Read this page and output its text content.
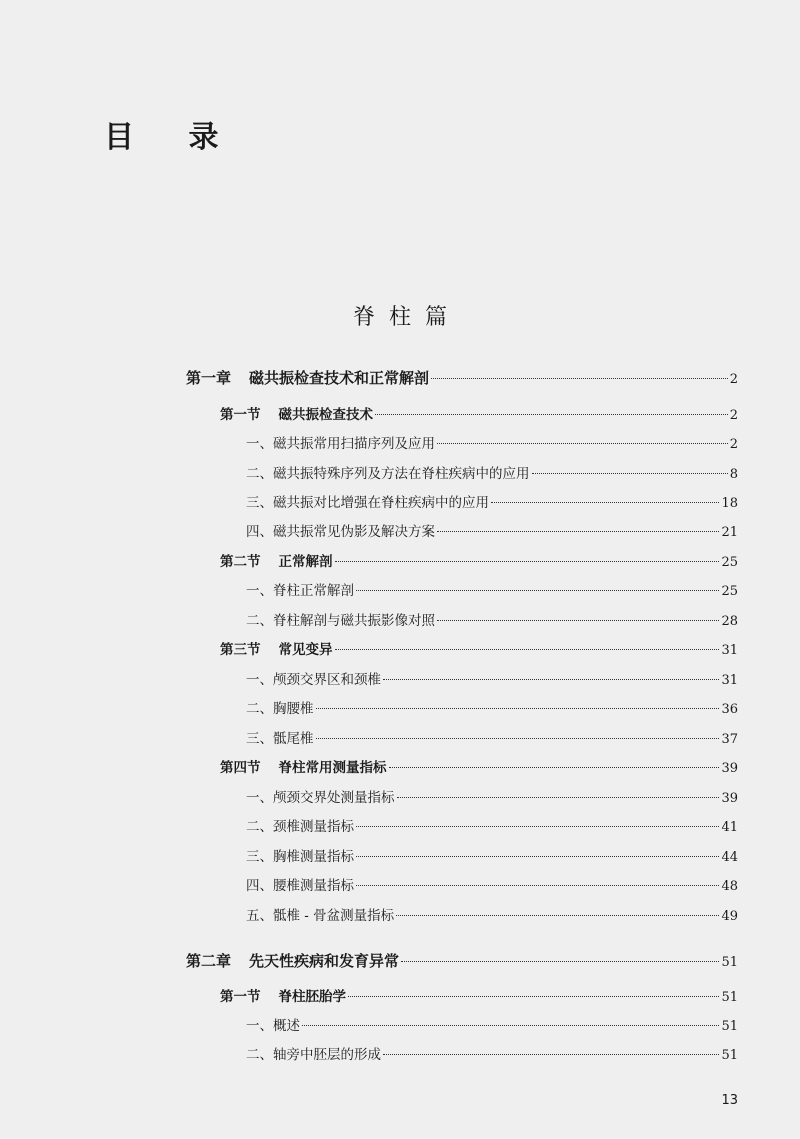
目 录
脊柱篇
第一章 磁共振检查技术和正常解剖	2
第一节 磁共振检查技术	2
一、磁共振常用扫描序列及应用	2
二、磁共振特殊序列及方法在脊柱疾病中的应用	8
三、磁共振对比增强在脊柱疾病中的应用	18
四、磁共振常见伪影及解决方案	21
第二节 正常解剖	25
一、脊柱正常解剖	25
二、脊柱解剖与磁共振影像对照	28
第三节 常见变异	31
一、颅颈交界区和颈椎	31
二、胸腰椎	36
三、骶尾椎	37
第四节 脊柱常用测量指标	39
一、颅颈交界处测量指标	39
二、颈椎测量指标	41
三、胸椎测量指标	44
四、腰椎测量指标	48
五、骶椎 - 骨盆测量指标	49
第二章 先天性疾病和发育异常	51
第一节 脊柱胚胎学	51
一、概述	51
二、轴旁中胚层的形成	51
13
